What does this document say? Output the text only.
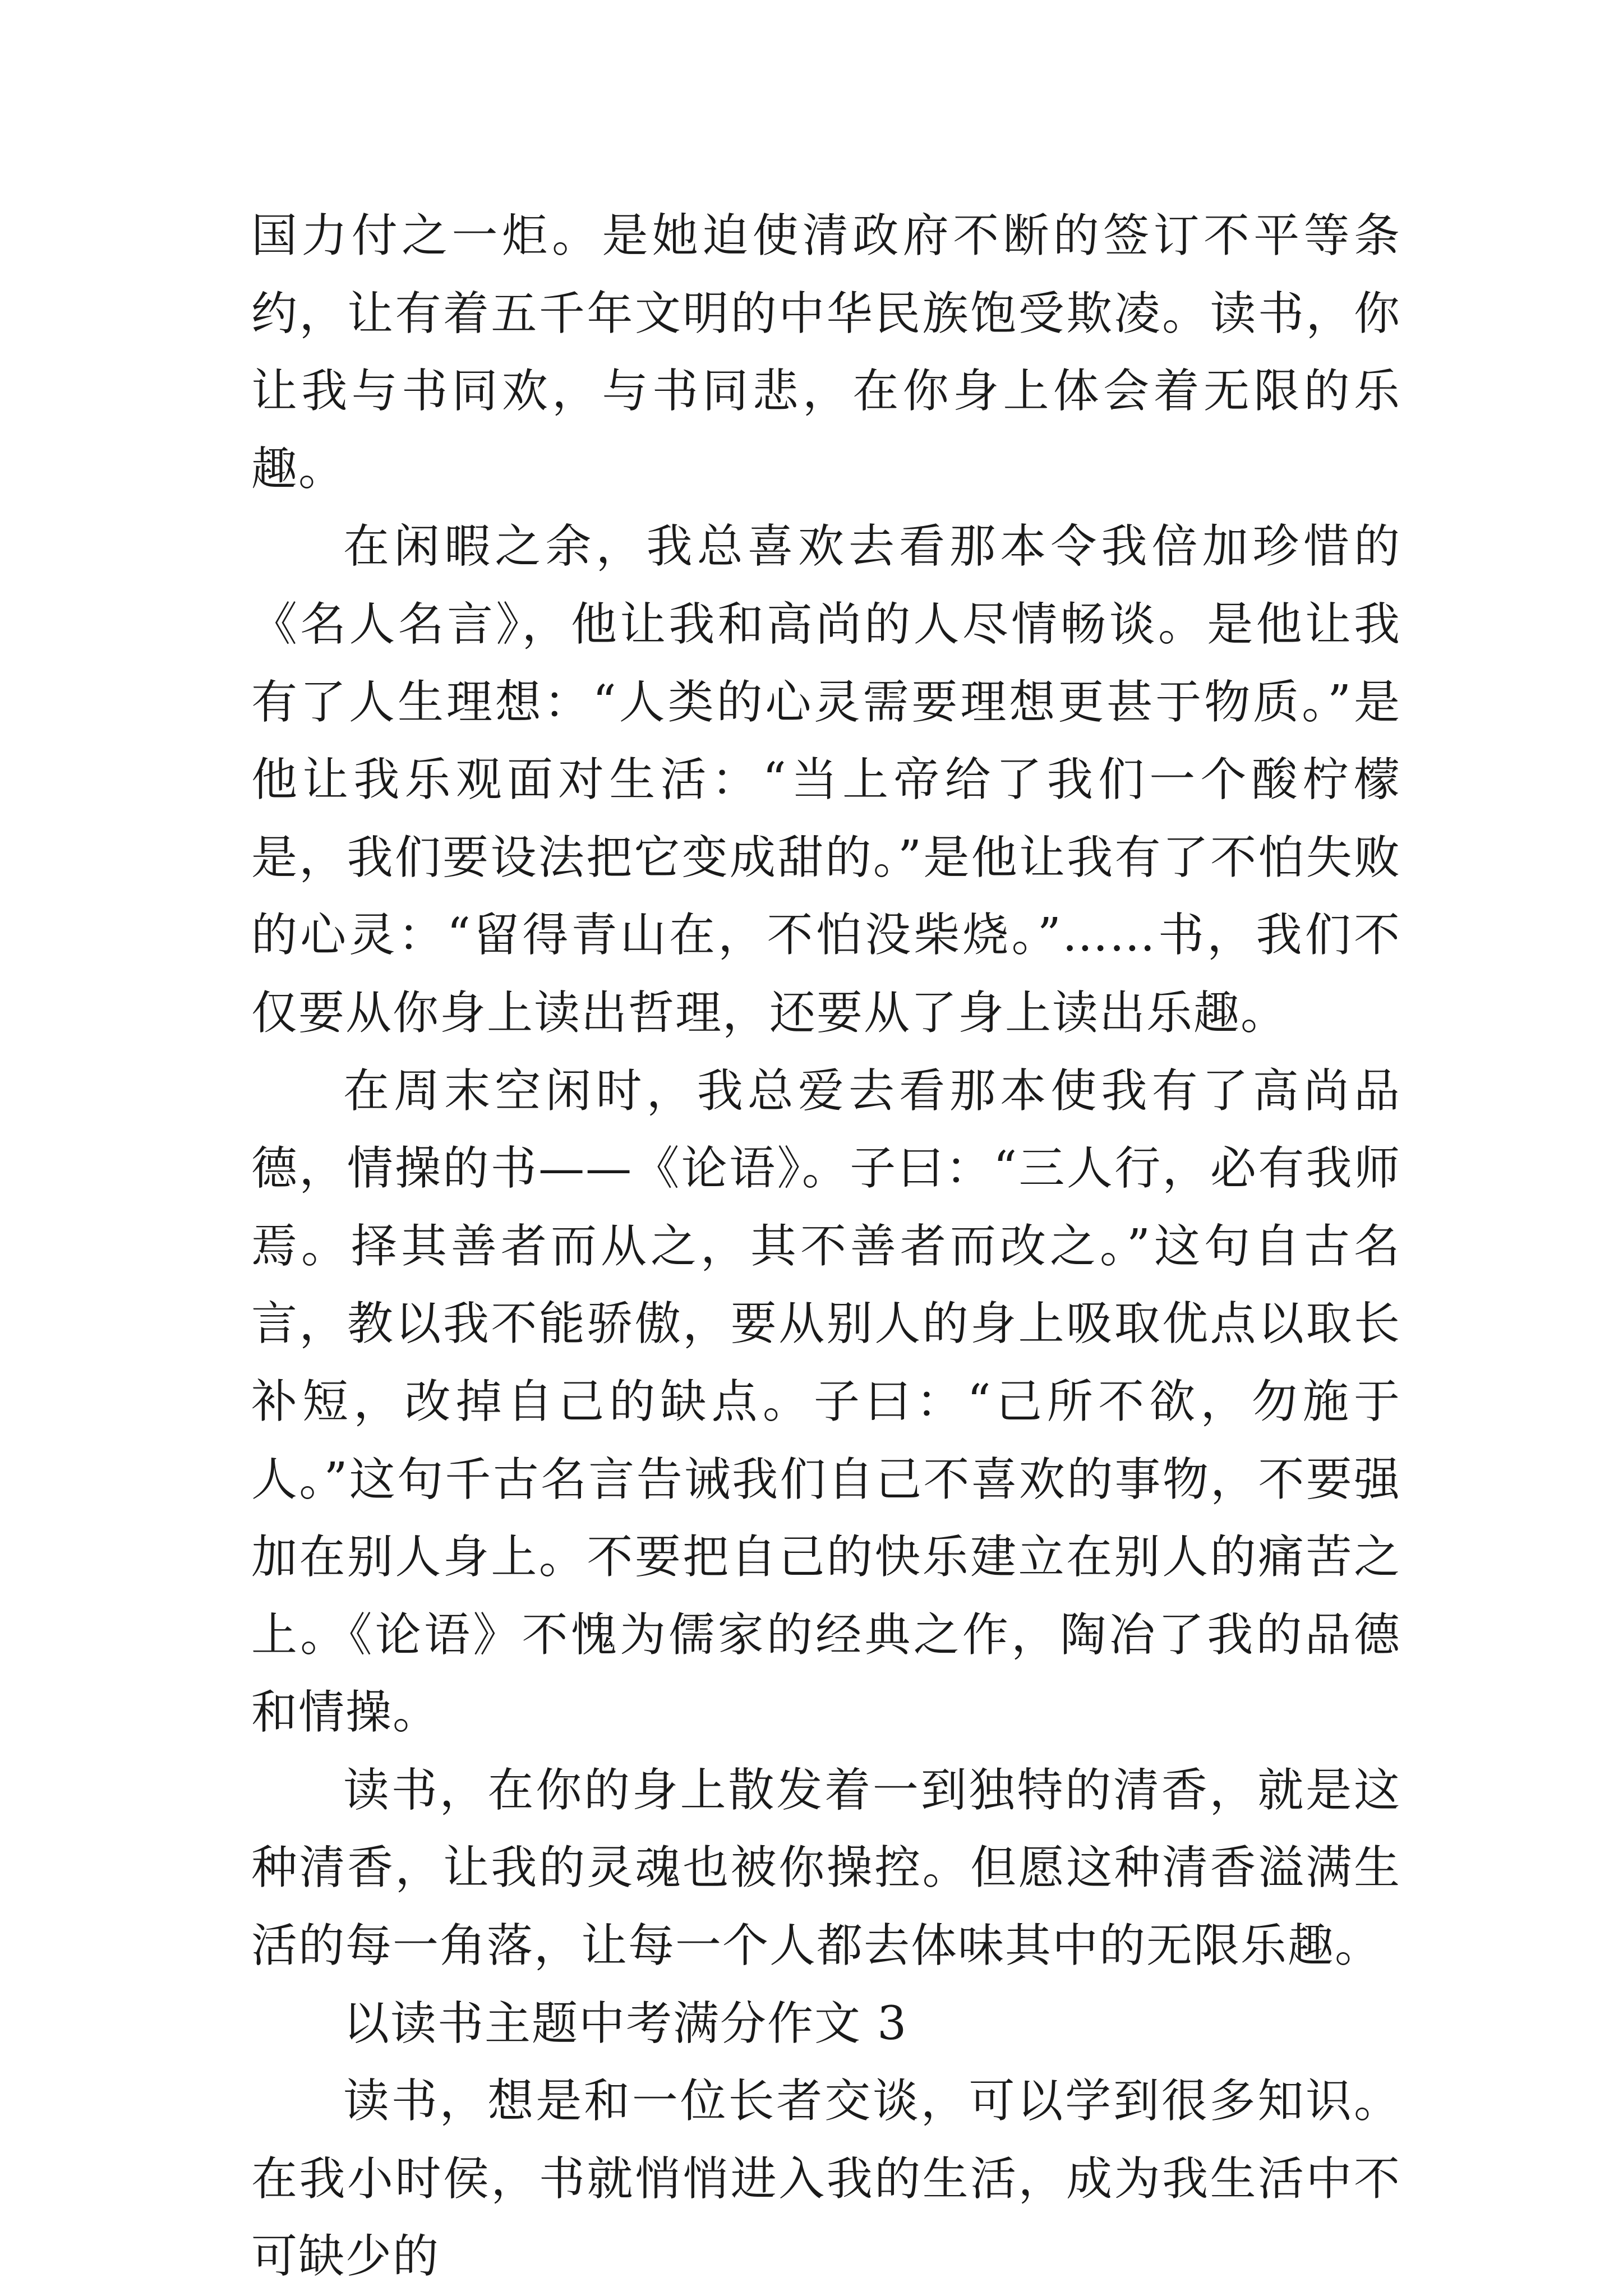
国力付之一炬。是她迫使清政府不断的签订不平等条约，让有着五千年文明的中华民族饱受欺凌。读书，你让我与书同欢，与书同悲，在你身上体会着无限的乐趣。

在闲暇之余，我总喜欢去看那本令我倍加珍惜的《名人名言》，他让我和高尚的人尽情畅谈。是他让我有了人生理想：“人类的心灵需要理想更甚于物质。”是他让我乐观面对生活：“当上帝给了我们一个酸柠檬是，我们要设法把它变成甜的。”是他让我有了不怕失败的心灵：“留得青山在，不怕没柴烧。”……书，我们不仅要从你身上读出哲理，还要从了身上读出乐趣。

在周末空闲时，我总爱去看那本使我有了高尚品德，情操的书——《论语》。子曰：“三人行，必有我师焉。择其善者而从之，其不善者而改之。”这句自古名言，教以我不能骄傲，要从别人的身上吸取优点以取长补短，改掉自己的缺点。子曰：“己所不欲，勿施于人。”这句千古名言告诫我们自己不喜欢的事物，不要强加在别人身上。不要把自己的快乐建立在别人的痛苦之上。《论语》不愧为儒家的经典之作，陶冶了我的品德和情操。

读书，在你的身上散发着一到独特的清香，就是这种清香，让我的灵魂也被你操控。但愿这种清香溢满生活的每一角落，让每一个人都去体味其中的无限乐趣。

以读书主题中考满分作文 3

读书，想是和一位长者交谈，可以学到很多知识。在我小时侯，书就悄悄进入我的生活，成为我生活中不可缺少的
